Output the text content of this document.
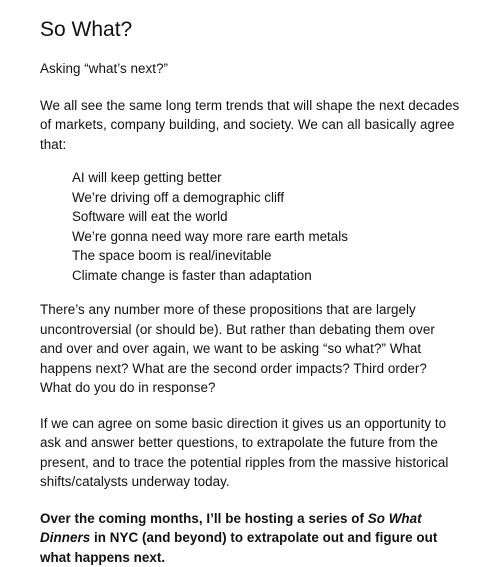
So What?

Asking “what’s next?”

We all see the same long term trends that will shape the next decades of markets, company building, and society. We can all basically agree that:

AI will keep getting better
We’re driving off a demographic cliff
Software will eat the world
We’re gonna need way more rare earth metals
The space boom is real/inevitable
Climate change is faster than adaptation

There’s any number more of these propositions that are largely uncontroversial (or should be). But rather than debating them over and over and over again, we want to be asking “so what?” What happens next? What are the second order impacts? Third order? What do you do in response?

If we can agree on some basic direction it gives us an opportunity to ask and answer better questions, to extrapolate the future from the present, and to trace the potential ripples from the massive historical shifts/catalysts underway today.

Over the coming months, I’ll be hosting a series of So What Dinners in NYC (and beyond) to extrapolate out and figure out what happens next.
